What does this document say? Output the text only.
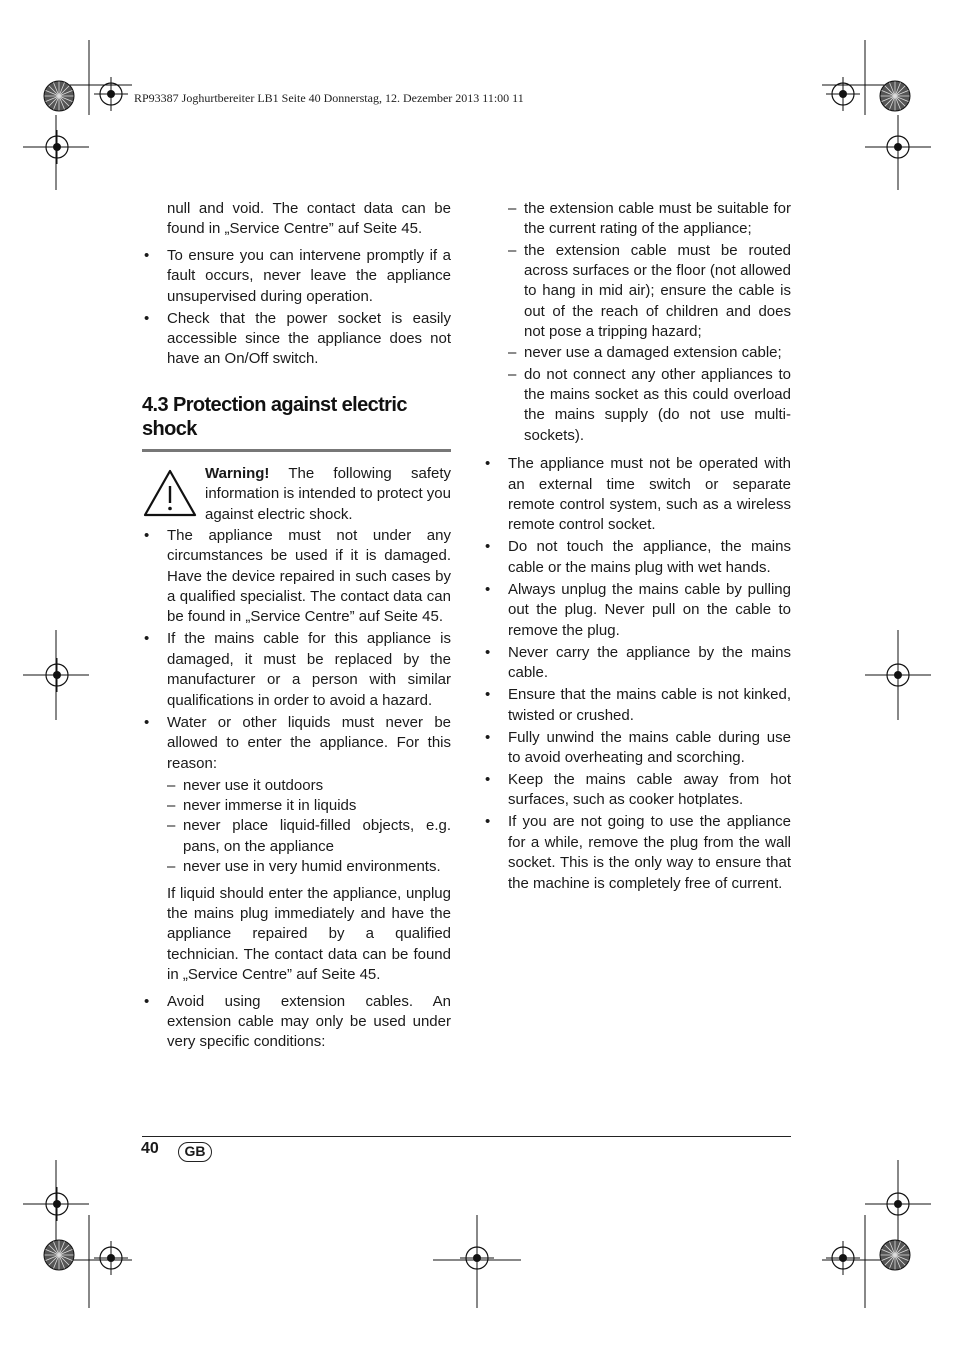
RP93387 Joghurtbereiter LB1 Seite 40 Donnerstag, 12. Dezember 2013 11:00 11

null and void. The contact data can be found in „Service Centre” auf Seite 45.

• To ensure you can intervene promptly if a fault occurs, never leave the appliance unsupervised during operation.

• Check that the power socket is easily accessible since the appliance does not have an On/Off switch.

4.3 Protection against electric shock

Warning! The following safety information is intended to protect you against electric shock.

• The appliance must not under any circumstances be used if it is damaged. Have the device repaired in such cases by a qualified specialist. The contact data can be found in „Service Centre” auf Seite 45.

• If the mains cable for this appliance is damaged, it must be replaced by the manufacturer or a person with similar qualifications in order to avoid a hazard.

• Water or other liquids must never be allowed to enter the appliance. For this reason:

– never use it outdoors

– never immerse it in liquids

– never place liquid-filled objects, e.g. pans, on the appliance

– never use in very humid environments.

If liquid should enter the appliance, unplug the mains plug immediately and have the appliance repaired by a qualified technician. The contact data can be found in „Service Centre” auf Seite 45.

• Avoid using extension cables. An extension cable may only be used under very specific conditions:

– the extension cable must be suitable for the current rating of the appliance;

– the extension cable must be routed across surfaces or the floor (not allowed to hang in mid air); ensure the cable is out of the reach of children and does not pose a tripping hazard;

– never use a damaged extension cable;

– do not connect any other appliances to the mains socket as this could overload the mains supply (do not use multi-sockets).

• The appliance must not be operated with an external time switch or separate remote control system, such as a wireless remote control socket.

• Do not touch the appliance, the mains cable or the mains plug with wet hands.

• Always unplug the mains cable by pulling out the plug. Never pull on the cable to remove the plug.

• Never carry the appliance by the mains cable.

• Ensure that the mains cable is not kinked, twisted or crushed.

• Fully unwind the mains cable during use to avoid overheating and scorching.

• Keep the mains cable away from hot surfaces, such as cooker hotplates.

• If you are not going to use the appliance for a while, remove the plug from the wall socket. This is the only way to ensure that the machine is completely free of current.

40	GB
